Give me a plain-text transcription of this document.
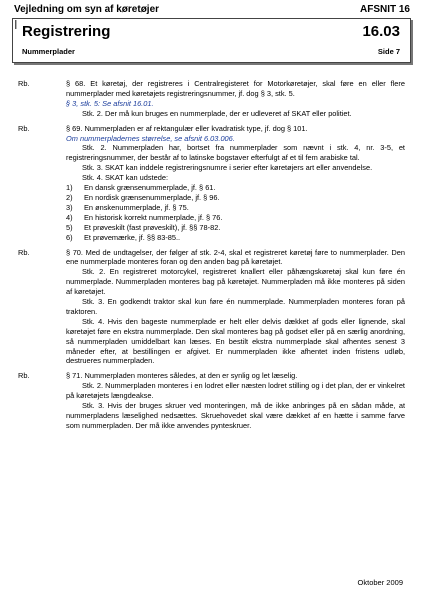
Vejledning om syn af køretøjer	AFSNIT 16
I Registrering	16.03
Nummerplader	Side 7
Rb.	§ 68. Et køretøj, der registreres i Centralregisteret for Motorkøretøjer, skal føre en eller flere nummerplader med køretøjets registreringsnummer, jf. dog § 3, stk. 5.

§ 3, stk. 5: Se afsnit 16.01.

Stk. 2. Der må kun bruges en nummerplade, der er udleveret af SKAT eller politiet.

Rb.	§ 69. Nummerpladen er af rektangulær eller kvadratisk type, jf. dog § 101.

Om nummerpladernes størrelse, se afsnit 6.03.006.

Stk. 2. Nummerpladen har, bortset fra nummerplader som nævnt i stk. 4, nr. 3-5, et registreringsnummer, der består af to latinske bogstaver efterfulgt af et til fem arabiske tal.

Stk. 3. SKAT kan inddele registreringsnumre i serier efter køretøjers art eller anvendelse.

Stk. 4. SKAT kan udstede:

1)	En dansk grænsenummerplade, jf. § 61.
2)	En nordisk grænsenummerplade, jf. § 96.
3)	En ønskenummerplade, jf. § 75.
4)	En historisk korrekt nummerplade, jf. § 76.
5)	Et prøveskilt (fast prøveskilt), jf. §§ 78-82.
6)	Et prøvemærke, jf. §§ 83-85..
Rb.	§ 70. Med de undtagelser, der følger af stk. 2-4, skal et registreret køretøj føre to nummerplader. Den ene nummerplade monteres foran og den anden bag på køretøjet.

Stk. 2. En registreret motorcykel, registreret knallert eller påhængskøretøj skal kun føre én nummerplade. Nummerpladen monteres bag på køretøjet. Nummerpladen må ikke monteres på siden af køretøjet.

Stk. 3. En godkendt traktor skal kun føre én nummerplade. Nummerpladen monteres foran på traktoren.

Stk. 4. Hvis den bageste nummerplade er helt eller delvis dækket af gods eller lignende, skal køretøjet føre en ekstra nummerplade. Den skal monteres bag på godset eller på en særlig anordning, så nummerpladen umiddelbart kan læses. En bestilt ekstra nummerplade skal afhentes senest 3 måneder efter, at bestillingen er afgivet. Er nummerpladen ikke afhentet inden fristens udløb, destrueres nummerpladen.

Rb.	§ 71. Nummerpladen monteres således, at den er synlig og let læselig.

Stk. 2. Nummerpladen monteres i en lodret eller næsten lodret stilling og i det plan, der er vinkelret på køretøjets længdeakse.

Stk. 3. Hvis der bruges skruer ved monteringen, må de ikke anbringes på en sådan måde, at nummerpladens læselighed nedsættes. Skruehovedet skal være dækket af en hætte i samme farve som nummerpladen. Der må ikke anvendes pynteskruer.

Oktober 2009
